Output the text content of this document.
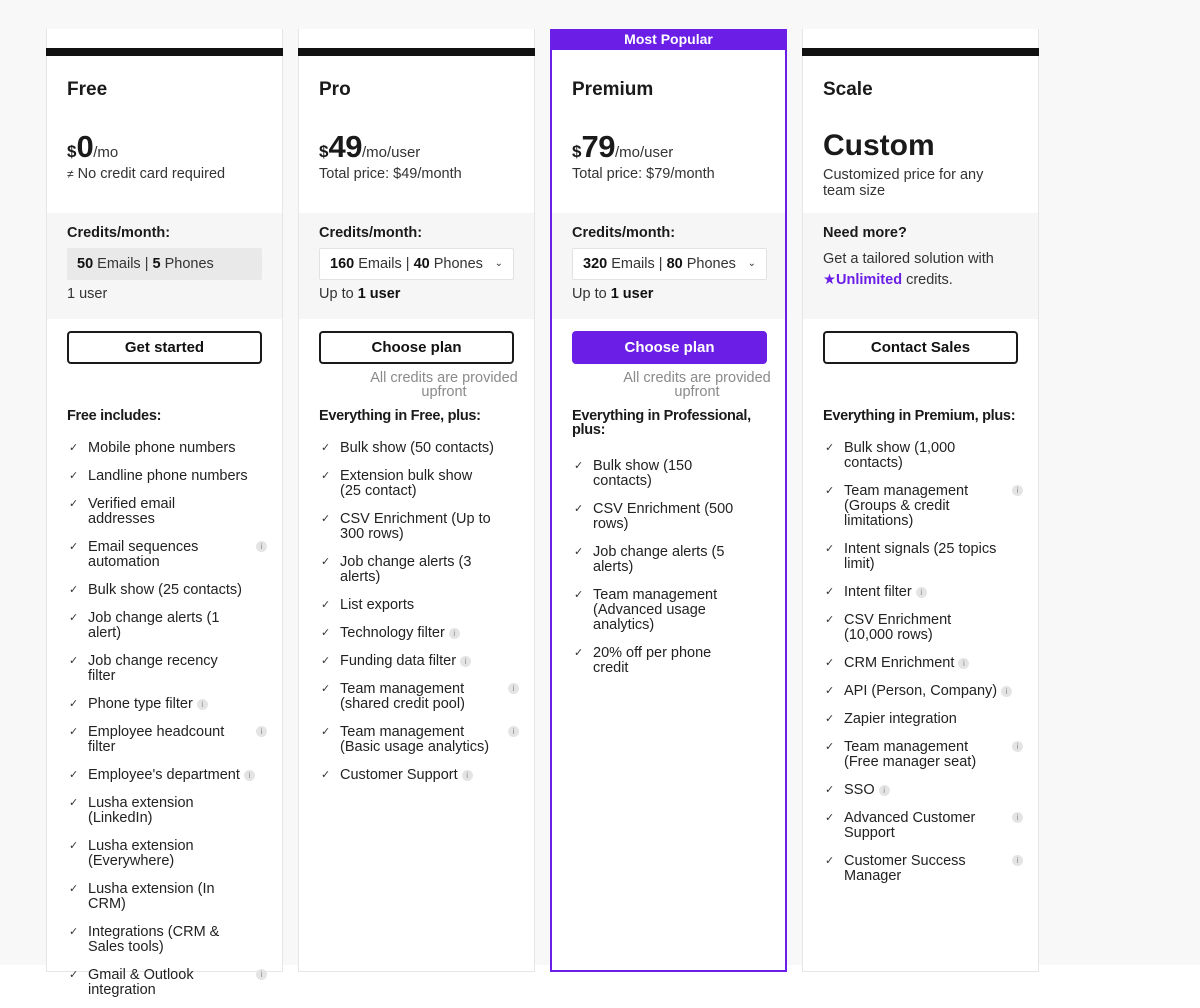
Free
$ 0 /mo
≠ No credit card required
Credits/month:
50 Emails | 5 Phones
1 user
Get started
Free includes:
✓ Mobile phone numbers
✓ Landline phone numbers
✓ Verified email addresses
✓ Email sequences automation
i
✓ Bulk show (25 contacts)
✓ Job change alerts (1 alert)
✓ Job change recency filter
✓ Phone type filter i
✓ Employee headcount filter
i
✓ Employee's department i
✓ Lusha extension (LinkedIn)
✓ Lusha extension (Everywhere)
✓ Lusha extension (In CRM)
✓ Integrations (CRM & Sales tools)
✓ Gmail & Outlook integration
i
Pro
$ 49 /mo/user
Total price: $49/month
Credits/month:
160 Emails | 40 Phones ⌄
Up to 1 user
Choose plan
All credits are provided upfront
Everything in Free, plus:
✓ Bulk show (50 contacts)
✓ Extension bulk show (25 contact)
✓ CSV Enrichment (Up to 300 rows)
✓ Job change alerts (3 alerts)
✓ List exports
✓ Technology filter i
✓ Funding data filter i
✓ Team management (shared credit pool)
i
✓ Team management (Basic usage analytics)
i
✓ Customer Support i
Most Popular
Premium
$ 79 /mo/user
Total price: $79/month
Credits/month:
320 Emails | 80 Phones ⌄
Up to 1 user
Choose plan
All credits are provided upfront
Everything in Professional, plus:
✓ Bulk show (150 contacts)
✓ CSV Enrichment (500 rows)
✓ Job change alerts (5 alerts)
✓ Team management (Advanced usage analytics)
✓ 20% off per phone credit
Scale
Custom
Customized price for any team size
Need more?
Get a tailored solution with ★Unlimited credits.
Contact Sales
Everything in Premium, plus:
✓ Bulk show (1,000 contacts)
✓ Team management (Groups & credit limitations)
i
✓ Intent signals (25 topics limit)
✓ Intent filter i
✓ CSV Enrichment (10,000 rows)
✓ CRM Enrichment i
✓ API (Person, Company) i
✓ Zapier integration
✓ Team management (Free manager seat)
i
✓ SSO i
✓ Advanced Customer Support
i
✓ Customer Success Manager
i
